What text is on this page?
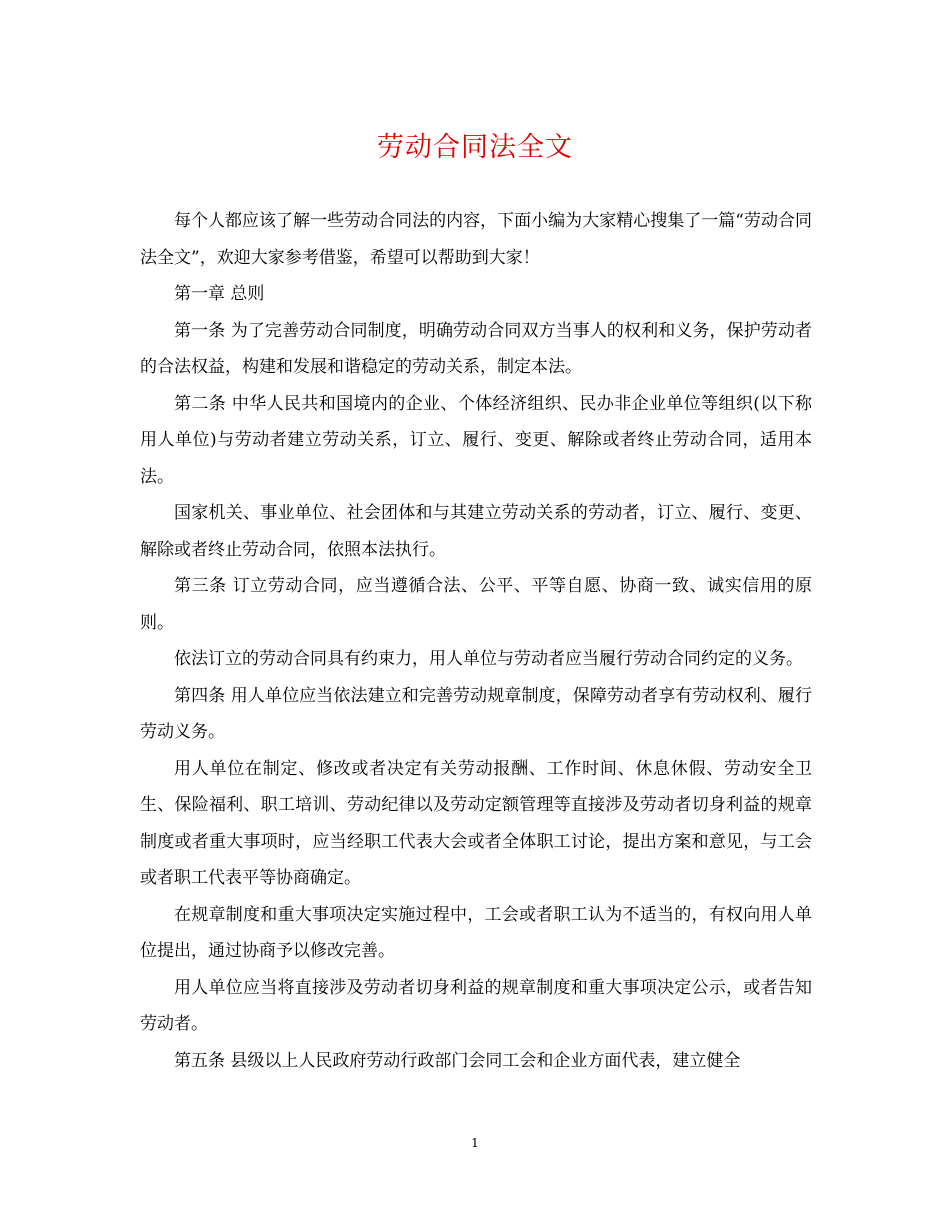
劳动合同法全文

每个人都应该了解一些劳动合同法的内容，下面小编为大家精心搜集了一篇“劳动合同法全文”，欢迎大家参考借鉴，希望可以帮助到大家！

第一章 总则

第一条 为了完善劳动合同制度，明确劳动合同双方当事人的权利和义务，保护劳动者的合法权益，构建和发展和谐稳定的劳动关系，制定本法。

第二条 中华人民共和国境内的企业、个体经济组织、民办非企业单位等组织(以下称用人单位)与劳动者建立劳动关系，订立、履行、变更、解除或者终止劳动合同，适用本法。

国家机关、事业单位、社会团体和与其建立劳动关系的劳动者，订立、履行、变更、解除或者终止劳动合同，依照本法执行。

第三条 订立劳动合同，应当遵循合法、公平、平等自愿、协商一致、诚实信用的原则。

依法订立的劳动合同具有约束力，用人单位与劳动者应当履行劳动合同约定的义务。

第四条 用人单位应当依法建立和完善劳动规章制度，保障劳动者享有劳动权利、履行劳动义务。

用人单位在制定、修改或者决定有关劳动报酬、工作时间、休息休假、劳动安全卫生、保险福利、职工培训、劳动纪律以及劳动定额管理等直接涉及劳动者切身利益的规章制度或者重大事项时，应当经职工代表大会或者全体职工讨论，提出方案和意见，与工会或者职工代表平等协商确定。

在规章制度和重大事项决定实施过程中，工会或者职工认为不适当的，有权向用人单位提出，通过协商予以修改完善。

用人单位应当将直接涉及劳动者切身利益的规章制度和重大事项决定公示，或者告知劳动者。

第五条 县级以上人民政府劳动行政部门会同工会和企业方面代表，建立健全

1
